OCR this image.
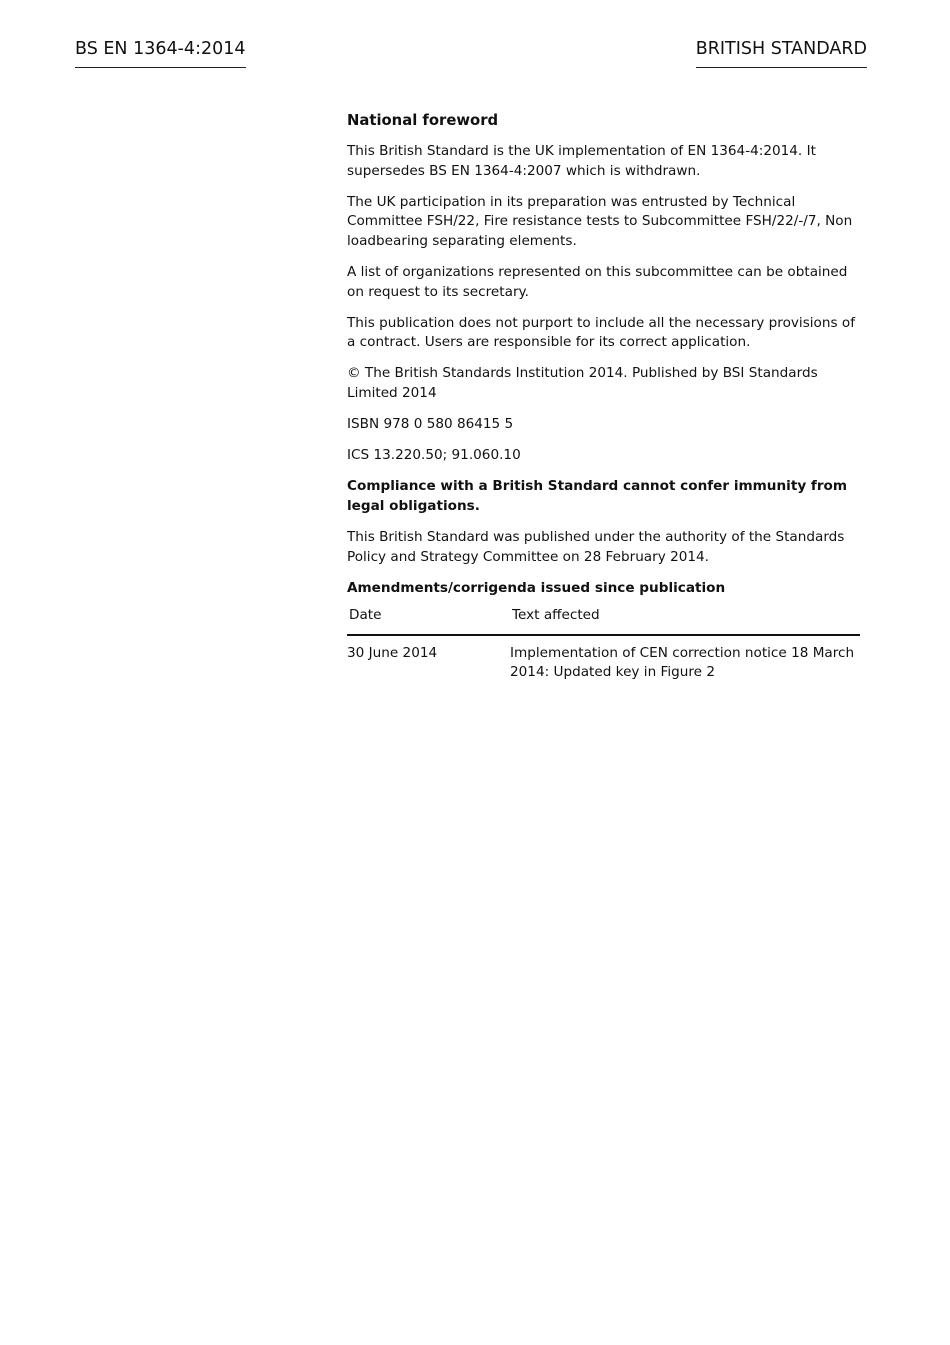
BS EN 1364-4:2014	BRITISH STANDARD
National foreword

This British Standard is the UK implementation of EN 1364-4:2014. It supersedes BS EN 1364-4:2007 which is withdrawn.

The UK participation in its preparation was entrusted by Technical Committee FSH/22, Fire resistance tests to Subcommittee FSH/22/-/7, Non loadbearing separating elements.

A list of organizations represented on this subcommittee can be obtained on request to its secretary.

This publication does not purport to include all the necessary provisions of a contract. Users are responsible for its correct application.

© The British Standards Institution 2014. Published by BSI Standards Limited 2014

ISBN 978 0 580 86415 5

ICS 13.220.50; 91.060.10

Compliance with a British Standard cannot confer immunity from legal obligations.

This British Standard was published under the authority of the Standards Policy and Strategy Committee on 28 February 2014.

Amendments/corrigenda issued since publication
Date	Text affected
30 June 2014	Implementation of CEN correction notice 18 March 2014: Updated key in Figure 2
